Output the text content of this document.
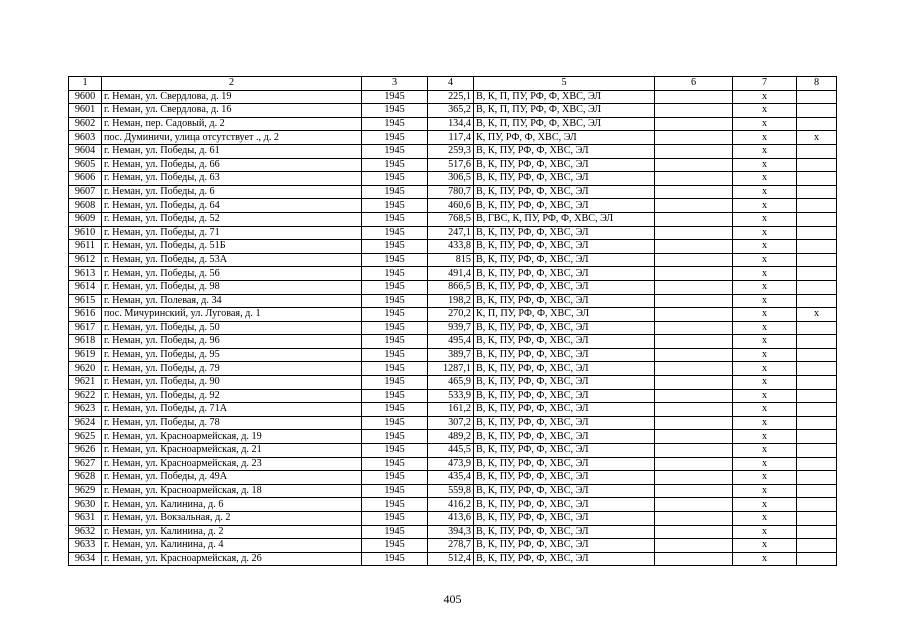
1	2	3	4	5	6	7	8
9600	г. Неман, ул. Свердлова, д. 19	1945	225,1	В, К, П, ПУ, РФ, Ф, ХВС, ЭЛ		x	
9601	г. Неман, ул. Свердлова, д. 16	1945	365,2	В, К, П, ПУ, РФ, Ф, ХВС, ЭЛ		x	
9602	г. Неман, пер. Садовый, д. 2	1945	134,4	В, К, П, ПУ, РФ, Ф, ХВС, ЭЛ		x	
9603	пос. Думиничи, улица отсутствует ., д. 2	1945	117,4	К, ПУ, РФ, Ф, ХВС, ЭЛ		x	x
9604	г. Неман, ул. Победы, д. 61	1945	259,3	В, К, ПУ, РФ, Ф, ХВС, ЭЛ		x	
9605	г. Неман, ул. Победы, д. 66	1945	517,6	В, К, ПУ, РФ, Ф, ХВС, ЭЛ		x	
9606	г. Неман, ул. Победы, д. 63	1945	306,5	В, К, ПУ, РФ, Ф, ХВС, ЭЛ		x	
9607	г. Неман, ул. Победы, д. 6	1945	780,7	В, К, ПУ, РФ, Ф, ХВС, ЭЛ		x	
9608	г. Неман, ул. Победы, д. 64	1945	460,6	В, К, ПУ, РФ, Ф, ХВС, ЭЛ		x	
9609	г. Неман, ул. Победы, д. 52	1945	768,5	В, ГВС, К, ПУ, РФ, Ф, ХВС, ЭЛ		x	
9610	г. Неман, ул. Победы, д. 71	1945	247,1	В, К, ПУ, РФ, Ф, ХВС, ЭЛ		x	
9611	г. Неман, ул. Победы, д. 51Б	1945	433,8	В, К, ПУ, РФ, Ф, ХВС, ЭЛ		x	
9612	г. Неман, ул. Победы, д. 53А	1945	815	В, К, ПУ, РФ, Ф, ХВС, ЭЛ		x	
9613	г. Неман, ул. Победы, д. 56	1945	491,4	В, К, ПУ, РФ, Ф, ХВС, ЭЛ		x	
9614	г. Неман, ул. Победы, д. 98	1945	866,5	В, К, ПУ, РФ, Ф, ХВС, ЭЛ		x	
9615	г. Неман, ул. Полевая, д. 34	1945	198,2	В, К, ПУ, РФ, Ф, ХВС, ЭЛ		x	
9616	пос. Мичуринский, ул. Луговая, д. 1	1945	270,2	К, П, ПУ, РФ, Ф, ХВС, ЭЛ		x	x
9617	г. Неман, ул. Победы, д. 50	1945	939,7	В, К, ПУ, РФ, Ф, ХВС, ЭЛ		x	
9618	г. Неман, ул. Победы, д. 96	1945	495,4	В, К, ПУ, РФ, Ф, ХВС, ЭЛ		x	
9619	г. Неман, ул. Победы, д. 95	1945	389,7	В, К, ПУ, РФ, Ф, ХВС, ЭЛ		x	
9620	г. Неман, ул. Победы, д. 79	1945	1287,1	В, К, ПУ, РФ, Ф, ХВС, ЭЛ		x	
9621	г. Неман, ул. Победы, д. 90	1945	465,9	В, К, ПУ, РФ, Ф, ХВС, ЭЛ		x	
9622	г. Неман, ул. Победы, д. 92	1945	533,9	В, К, ПУ, РФ, Ф, ХВС, ЭЛ		x	
9623	г. Неман, ул. Победы, д. 71А	1945	161,2	В, К, ПУ, РФ, Ф, ХВС, ЭЛ		x	
9624	г. Неман, ул. Победы, д. 78	1945	307,2	В, К, ПУ, РФ, Ф, ХВС, ЭЛ		x	
9625	г. Неман, ул. Красноармейская, д. 19	1945	489,2	В, К, ПУ, РФ, Ф, ХВС, ЭЛ		x	
9626	г. Неман, ул. Красноармейская, д. 21	1945	445,5	В, К, ПУ, РФ, Ф, ХВС, ЭЛ		x	
9627	г. Неман, ул. Красноармейская, д. 23	1945	473,9	В, К, ПУ, РФ, Ф, ХВС, ЭЛ		x	
9628	г. Неман, ул. Победы, д. 49А	1945	435,4	В, К, ПУ, РФ, Ф, ХВС, ЭЛ		x	
9629	г. Неман, ул. Красноармейская, д. 18	1945	559,8	В, К, ПУ, РФ, Ф, ХВС, ЭЛ		x	
9630	г. Неман, ул. Калинина, д. 6	1945	416,2	В, К, ПУ, РФ, Ф, ХВС, ЭЛ		x	
9631	г. Неман, ул. Вокзальная, д. 2	1945	413,6	В, К, ПУ, РФ, Ф, ХВС, ЭЛ		x	
9632	г. Неман, ул. Калинина, д. 2	1945	394,3	В, К, ПУ, РФ, Ф, ХВС, ЭЛ		x	
9633	г. Неман, ул. Калинина, д. 4	1945	278,7	В, К, ПУ, РФ, Ф, ХВС, ЭЛ		x	
9634	г. Неман, ул. Красноармейская, д. 26	1945	512,4	В, К, ПУ, РФ, Ф, ХВС, ЭЛ		x	
405
